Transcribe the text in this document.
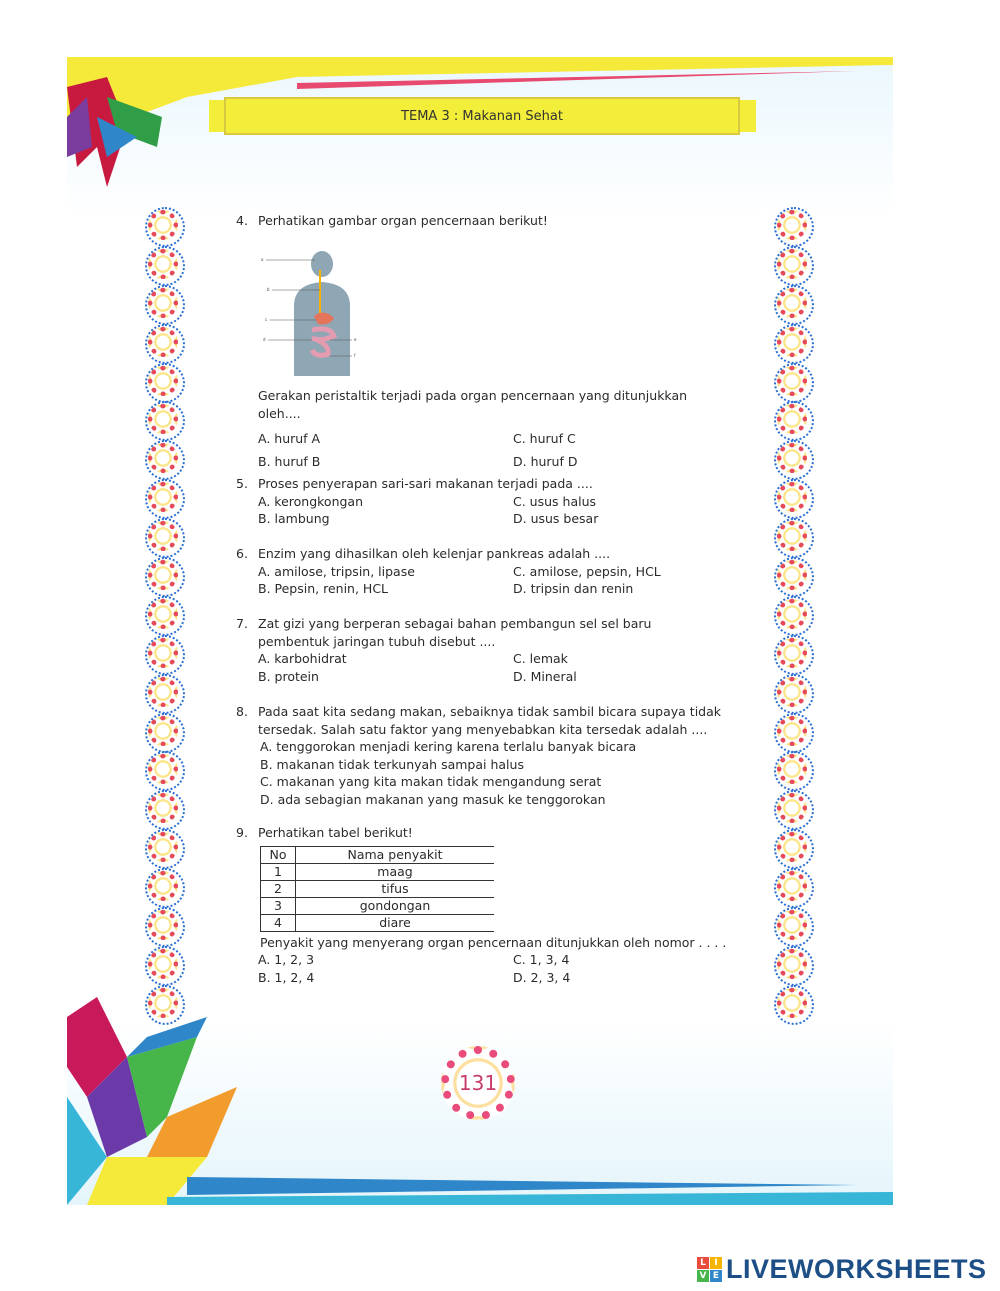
TEMA 3 : Makanan Sehat
4. Perhatikan gambar organ pencernaan berikut!
a
b
c
d	e
f
Gerakan peristaltik terjadi pada organ pencernaan yang ditunjukkan oleh....
A. huruf A	C. huruf C
B. huruf B	D. huruf D
5. Proses penyerapan sari-sari makanan terjadi pada ....
A. kerongkongan	C. usus halus
B. lambung	D. usus besar
6. Enzim yang dihasilkan oleh kelenjar pankreas adalah ....
A. amilose, tripsin, lipase	C. amilose, pepsin, HCL
B. Pepsin, renin, HCL	D. tripsin dan renin
7. Zat gizi yang berperan sebagai bahan pembangun sel sel baru pembentuk jaringan tubuh disebut ....
A. karbohidrat	C. lemak
B. protein	D. Mineral
8. Pada saat kita sedang makan, sebaiknya tidak sambil bicara supaya tidak tersedak. Salah satu faktor yang menyebabkan kita tersedak adalah ....
A. tenggorokan menjadi kering karena terlalu banyak bicara
B. makanan tidak terkunyah sampai halus
C. makanan yang kita makan tidak mengandung serat
D. ada sebagian makanan yang masuk ke tenggorokan
9. Perhatikan tabel berikut!
No	Nama penyakit
1	maag
2	tifus
3	gondongan
4	diare
Penyakit yang menyerang organ pencernaan ditunjukkan oleh nomor . . . .
A. 1, 2, 3	C. 1, 3, 4
B. 1, 2, 4	D. 2, 3, 4
131
L I
V E LIVEWORKSHEETS
